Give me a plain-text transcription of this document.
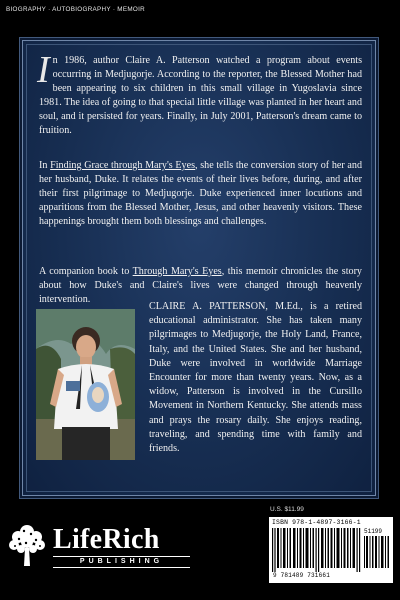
BIOGRAPHY · AUTOBIOGRAPHY · MEMOIR
In 1986, author Claire A. Patterson watched a program about events occurring in Medjugorje. According to the reporter, the Blessed Mother had been appearing to six children in this small village in Yugoslavia since 1981. The idea of going to that special little village was planted in her heart and soul, and it persisted for years. Finally, in July 2001, Patterson's dream came to fruition.
In Finding Grace through Mary's Eyes, she tells the conversion story of her and her husband, Duke. It relates the events of their lives before, during, and after their first pilgrimage to Medjugorje. Duke experienced inner locutions and apparitions from the Blessed Mother, Jesus, and other heavenly visitors. These happenings brought them both blessings and challenges.
A companion book to Through Mary's Eyes, this memoir chronicles the story about how Duke's and Claire's lives were changed through heavenly intervention.
CLAIRE A. PATTERSON, M.Ed., is a retired educational administrator. She has taken many pilgrimages to Medjugorje, the Holy Land, France, Italy, and the United States. She and her husband, Duke were involved in worldwide Marriage Encounter for more than twenty years. Now, as a widow, Patterson is involved in the Cursillo Movement in Northern Kentucky. She attends mass and prays the rosary daily. She enjoys reading, traveling, and spending time with family and friends.
U.S. $11.99
ISBN 978-1-4897-3166-1
51199
9 781489 731661
LifeRich
PUBLISHING
